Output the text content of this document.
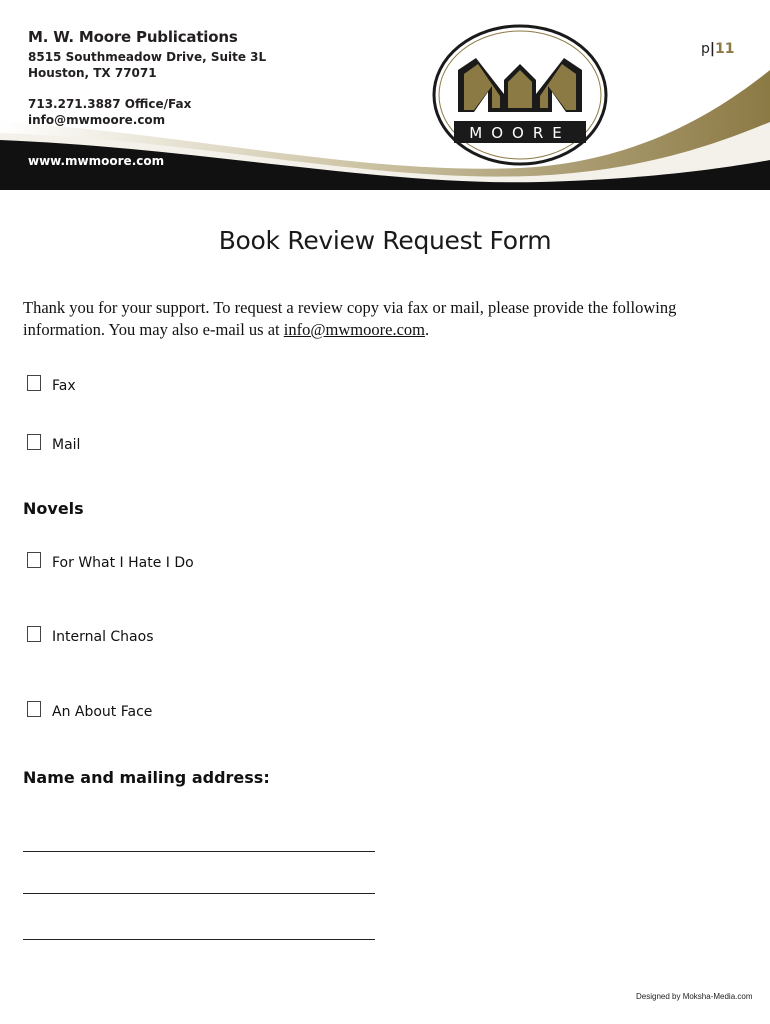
M. W. Moore Publications
8515 Southmeadow Drive, Suite 3L
Houston, TX 77071
713.271.3887 Office/Fax
info@mwmoore.com
www.mwmoore.com
p|11
MOORE
Book Review Request Form
Thank you for your support. To request a review copy via fax or mail, please provide the following information. You may also e-mail us at info@mwmoore.com.
Fax
Mail
Novels
For What I Hate I Do
Internal Chaos
An About Face
Name and mailing address:
Designed by Moksha-Media.com
